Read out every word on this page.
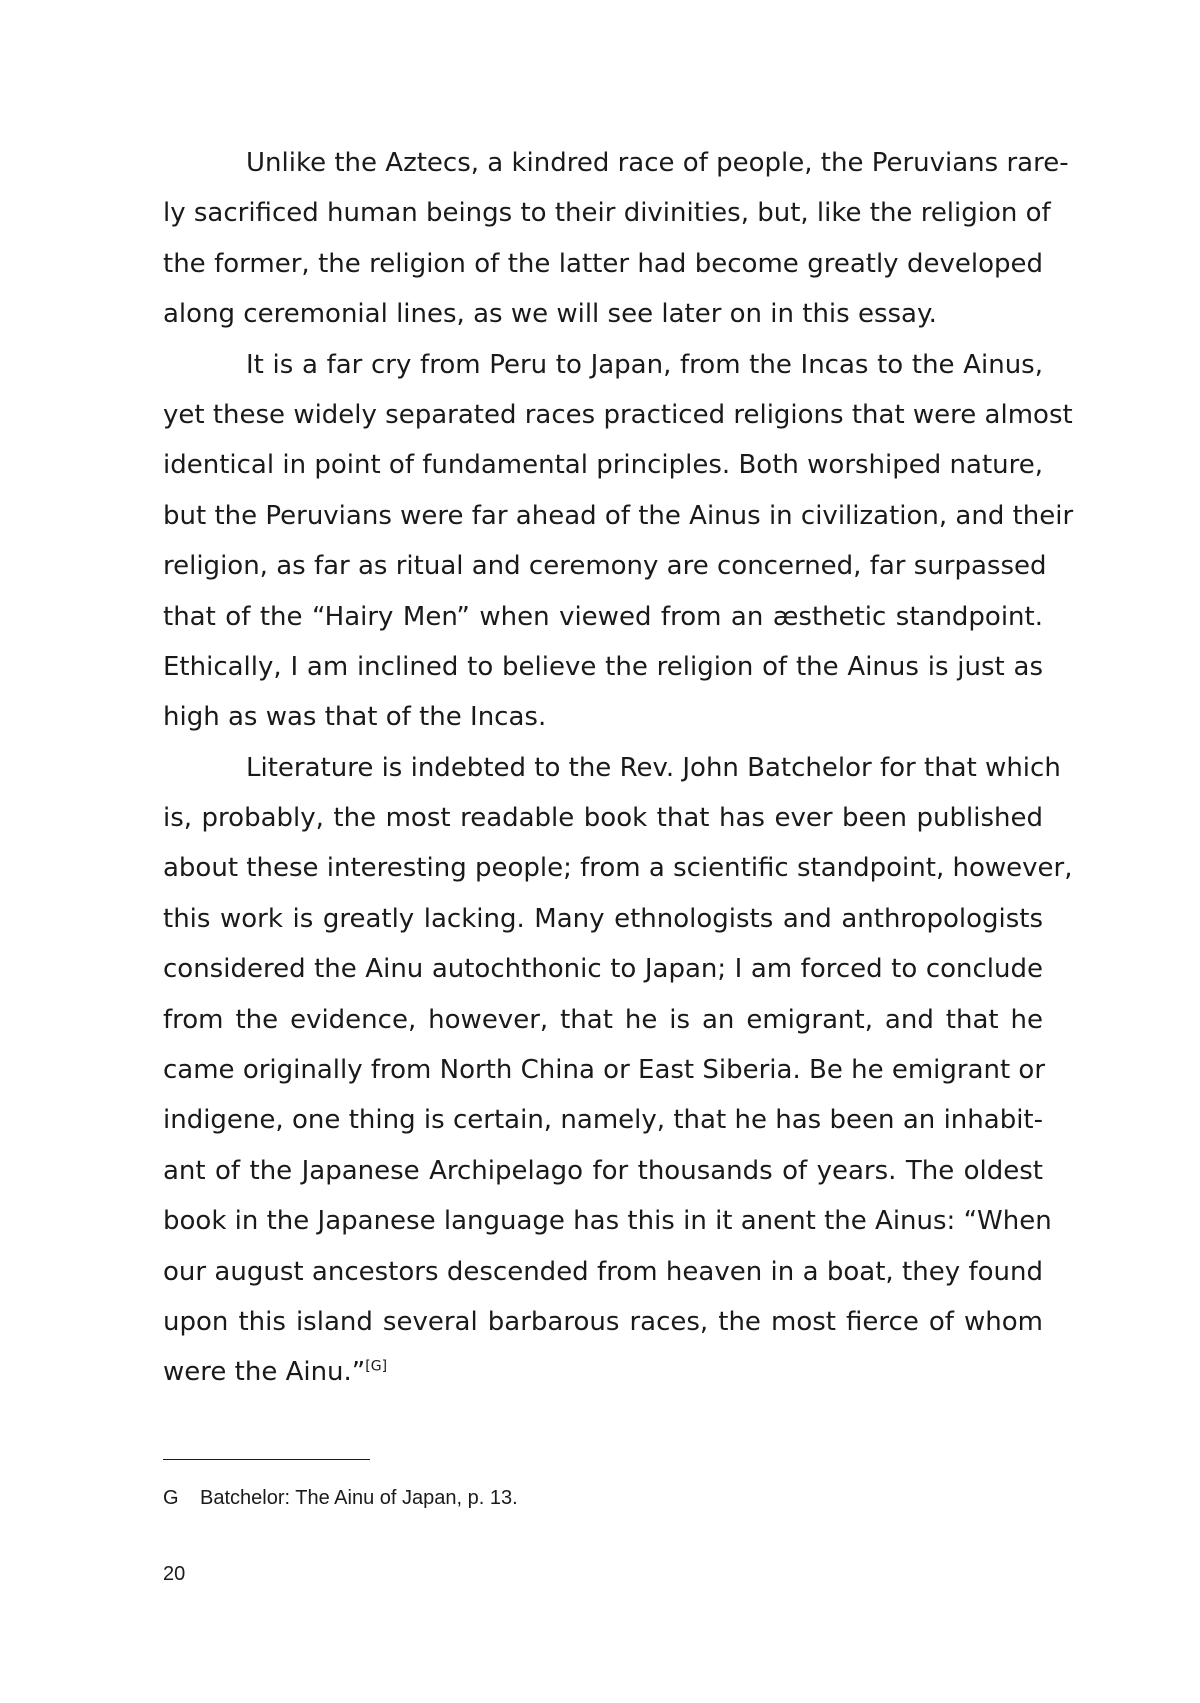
Unlike the Aztecs, a kindred race of people, the Peruvians rare-
ly sacrificed human beings to their divinities, but, like the religion of
the former, the religion of the latter had become greatly developed
along ceremonial lines, as we will see later on in this essay.
It is a far cry from Peru to Japan, from the Incas to the Ainus,
yet these widely separated races practiced religions that were almost
identical in point of fundamental principles. Both worshiped nature,
but the Peruvians were far ahead of the Ainus in civilization, and their
religion, as far as ritual and ceremony are concerned, far surpassed
that of the “Hairy Men” when viewed from an æsthetic standpoint.
Ethically, I am inclined to believe the religion of the Ainus is just as
high as was that of the Incas.
Literature is indebted to the Rev. John Batchelor for that which
is, probably, the most readable book that has ever been published
about these interesting people; from a scientific standpoint, however,
this work is greatly lacking. Many ethnologists and anthropologists
considered the Ainu autochthonic to Japan; I am forced to conclude
from the evidence, however, that he is an emigrant, and that he
came originally from North China or East Siberia. Be he emigrant or
indigene, one thing is certain, namely, that he has been an inhabit-
ant of the Japanese Archipelago for thousands of years. The oldest
book in the Japanese language has this in it anent the Ainus: “When
our august ancestors descended from heaven in a boat, they found
upon this island several barbarous races, the most fierce of whom
were the Ainu.”[G]
G Batchelor: The Ainu of Japan, p. 13.
20
